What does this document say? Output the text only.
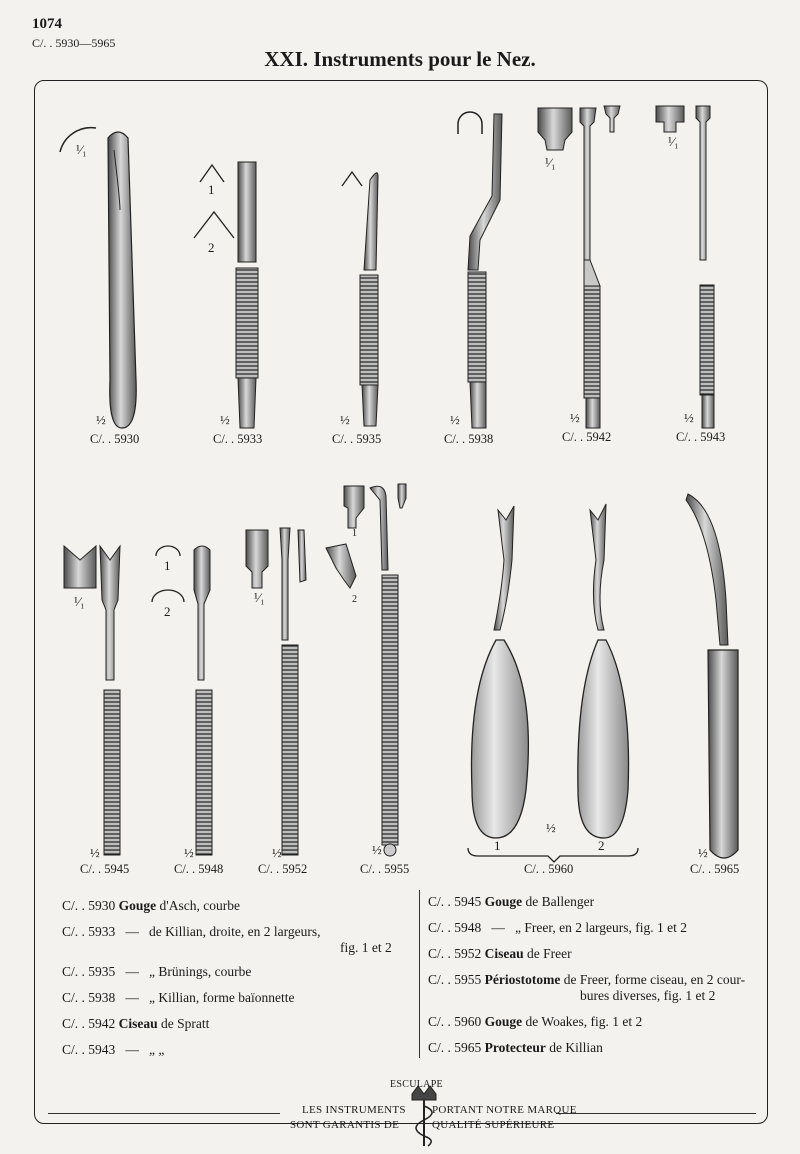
1074
C/. . 5930—5965
XXI. Instruments pour le Nez.
¹⁄₁
¹⁄₁
¹⁄₁
¹⁄₁	¹⁄₁
½	½	½	½	½	½
½	½	½	½
½
½
1
2
1
2
1
2
1	2
C/. . 5930	C/. . 5933	C/. . 5935	C/. . 5938	C/. . 5942	C/. . 5943
C/. . 5945	C/. . 5948	C/. . 5952	C/. . 5955	C/. . 5960	C/. . 5965
C/. . 5930 Gouge d'Asch, courbe
C/. . 5933 — de Killian, droite, en 2 largeurs,
fig. 1 et 2
C/. . 5935 — „ Brünings, courbe
C/. . 5938 — „ Killian, forme baïonnette
C/. . 5942 Ciseau de Spratt
C/. . 5943 — „ „
C/. . 5945 Gouge de Ballenger
C/. . 5948 — „ Freer, en 2 largeurs, fig. 1 et 2
C/. . 5952 Ciseau de Freer
C/. . 5955 Périostotome de Freer, forme ciseau, en 2 cour-
bures diverses, fig. 1 et 2
C/. . 5960 Gouge de Woakes, fig. 1 et 2
C/. . 5965 Protecteur de Killian
ESCULAPE
LES INSTRUMENTS
SONT GARANTIS DE
PORTANT NOTRE MARQUE
QUALITÉ SUPÉRIEURE
